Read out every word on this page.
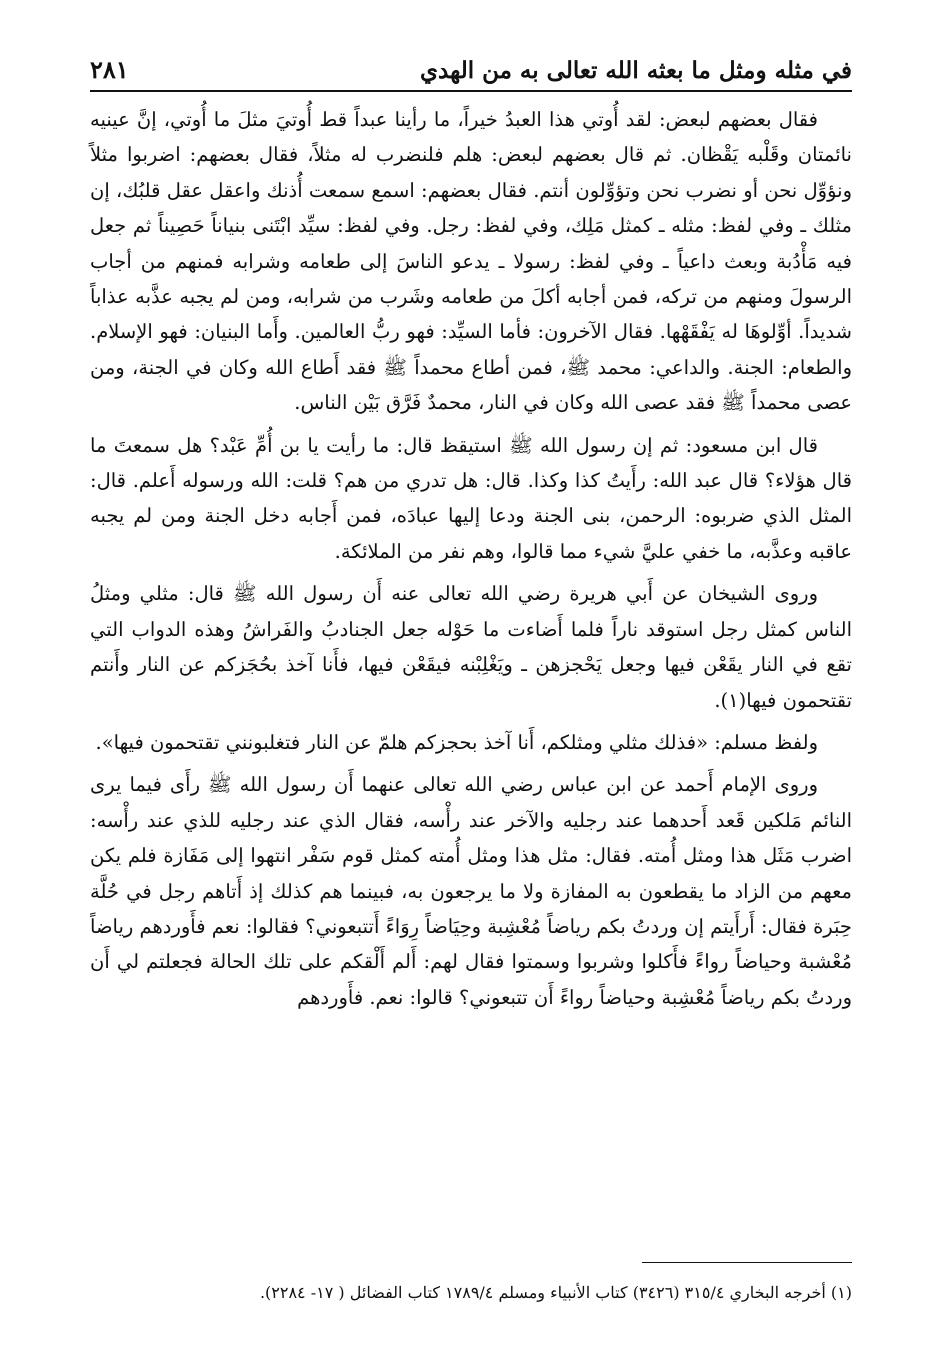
في مثله ومثل ما بعثه الله تعالى به من الهدي
٢٨١

فقال بعضهم لبعض: لقد أُوتي هذا العبدُ خيراً، ما رأينا عبداً قط أُوتيَ مثلَ ما أُوتي، إنَّ عينيه نائمتان وقَلْبه يَقْظان. ثم قال بعضهم لبعض: هلم فلنضرب له مثلاً، فقال بعضهم: اضربوا مثلاً ونؤوِّل نحن أو نضرب نحن وتؤوِّلون أنتم. فقال بعضهم: اسمع سمعت أُذنك واعقل عقل قلبُك، إن مثلك ـ وفي لفظ: مثله ـ كمثل مَلِك، وفي لفظ: رجل. وفي لفظ: سيِّد ابْتَنى بنياناً حَصِيناً ثم جعل فيه مَأْدُبة وبعث داعياً ـ وفي لفظ: رسولا ـ يدعو الناسَ إلى طعامه وشرابه فمنهم من أجاب الرسولَ ومنهم من تركه، فمن أجابه أكلَ من طعامه وشَرب من شرابه، ومن لم يجبه عذَّبه عذاباً شديداً. أوِّلوهَا له يَفْقَهْها. فقال الآخرون: فأما السيِّد: فهو ربُّ العالمين. وأَما البنيان: فهو الإسلام. والطعام: الجنة. والداعي: محمد ﷺ، فمن أطاع محمداً ﷺ فقد أَطاع الله وكان في الجنة، ومن عصى محمداً ﷺ فقد عصى الله وكان في النار، محمدٌ فَرَّق بَيْن الناس.

قال ابن مسعود: ثم إن رسول الله ﷺ استيقظ قال: ما رأيت يا بن أُمِّ عَبْد؟ هل سمعتَ ما قال هؤلاء؟ قال عبد الله: رأَيتُ كذا وكذا. قال: هل تدري من هم؟ قلت: الله ورسوله أَعلم. قال: المثل الذي ضربوه: الرحمن، بنى الجنة ودعا إليها عبادَه، فمن أَجابه دخل الجنة ومن لم يجبه عاقبه وعذَّبه، ما خفي عليَّ شيء مما قالوا، وهم نفر من الملائكة.

وروى الشيخان عن أَبي هريرة رضي الله تعالى عنه أَن رسول الله ﷺ قال: مثلي ومثلُ الناس كمثل رجل استوقد ناراً فلما أَضاءت ما حَوْله جعل الجنادبُ والفَراشُ وهذه الدواب التي تقع في النار يقَعْن فيها وجعل يَحْجزهن ـ ويَغْلِبْنه فيقَعْن فيها، فأَنا آخذ بحُجَزكم عن النار وأَنتم تقتحمون فيها(١).

ولفظ مسلم: «فذلك مثلي ومثلكم، أَنا آخذ بحجزكم هلمّ عن النار فتغلبونني تقتحمون فيها».

وروى الإمام أَحمد عن ابن عباس رضي الله تعالى عنهما أَن رسول الله ﷺ رأَى فيما يرى النائم مَلكين قَعد أَحدهما عند رجليه والآخر عند رأْسه، فقال الذي عند رجليه للذي عند رأْسه: اضرب مَثَل هذا ومثل أُمته. فقال: مثل هذا ومثل أُمته كمثل قوم سَفْر انتهوا إلى مَفَازة فلم يكن معهم من الزاد ما يقطعون به المفازة ولا ما يرجعون به، فبينما هم كذلك إذ أَتاهم رجل في حُلَّة حِبَرة فقال: أَرأَيتم إن وردتُ بكم رياضاً مُعْشِبة وحِيَاضاً رِوَاءً أَتتبعوني؟ فقالوا: نعم فأَوردهم رياضاً مُعْشبة وحياضاً رواءً فأَكلوا وشربوا وسمتوا فقال لهم: أَلم أَلْقكم على تلك الحالة فجعلتم لي أَن وردتُ بكم رياضاً مُعْشِبة وحياضاً رواءً أَن تتبعوني؟ قالوا: نعم. فأَوردهم

(١) أخرجه البخاري ٣١٥/٤ (٣٤٢٦) كتاب الأنبياء ومسلم ١٧٨٩/٤ كتاب الفضائل ( ١٧- ٢٢٨٤).
